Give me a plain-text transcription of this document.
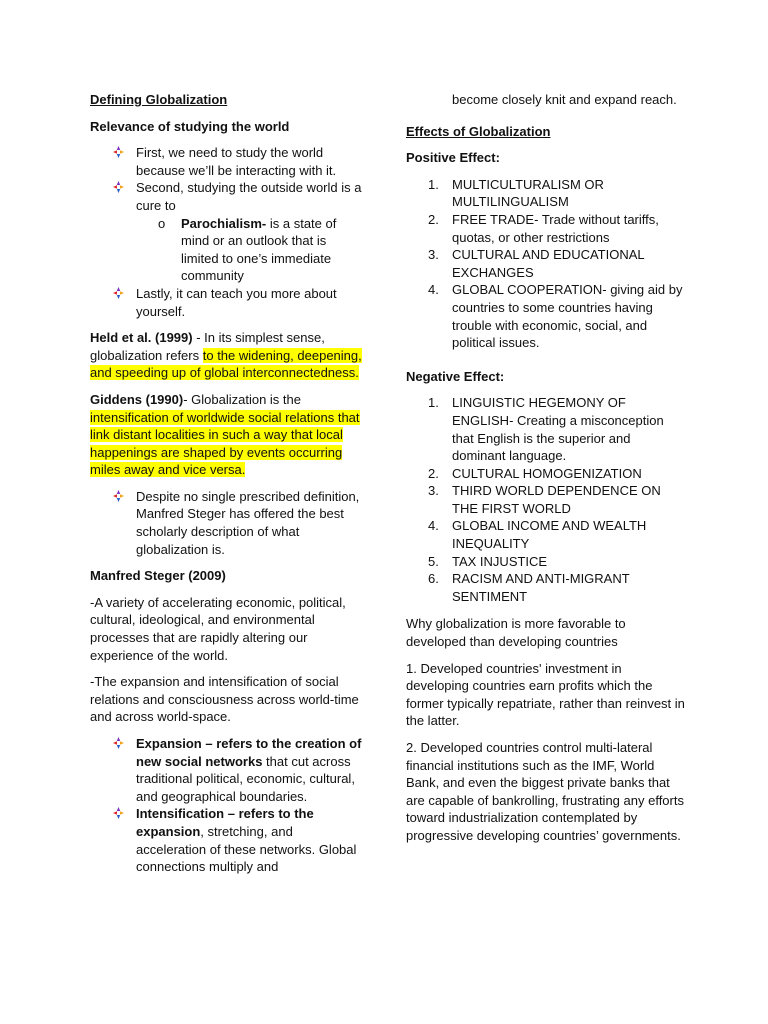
Defining Globalization

Relevance of studying the world

First, we need to study the world because we’ll be interacting with it.
Second, studying the outside world is a cure to
o Parochialism- is a state of mind or an outlook that is limited to one’s immediate community
Lastly, it can teach you more about yourself.

Held et al. (1999) - In its simplest sense, globalization refers to the widening, deepening, and speeding up of global interconnectedness.

Giddens (1990)- Globalization is the intensification of worldwide social relations that link distant localities in such a way that local happenings are shaped by events occurring miles away and vice versa.

Despite no single prescribed definition, Manfred Steger has offered the best scholarly description of what globalization is.

Manfred Steger (2009)

-A variety of accelerating economic, political, cultural, ideological, and environmental processes that are rapidly altering our experience of the world.

-The expansion and intensification of social relations and consciousness across world-time and across world-space.

Expansion – refers to the creation of new social networks that cut across traditional political, economic, cultural, and geographical boundaries.
Intensification – refers to the expansion, stretching, and acceleration of these networks. Global connections multiply and
become closely knit and expand reach.

Effects of Globalization

Positive Effect:

1. MULTICULTURALISM OR MULTILINGUALISM
2. FREE TRADE- Trade without tariffs, quotas, or other restrictions
3. CULTURAL AND EDUCATIONAL EXCHANGES
4. GLOBAL COOPERATION- giving aid by countries to some countries having trouble with economic, social, and political issues.

Negative Effect:

1. LINGUISTIC HEGEMONY OF ENGLISH- Creating a misconception that English is the superior and dominant language.
2. CULTURAL HOMOGENIZATION
3. THIRD WORLD DEPENDENCE ON THE FIRST WORLD
4. GLOBAL INCOME AND WEALTH INEQUALITY
5. TAX INJUSTICE
6. RACISM AND ANTI-MIGRANT SENTIMENT

Why globalization is more favorable to developed than developing countries

1. Developed countries' investment in developing countries earn profits which the former typically repatriate, rather than reinvest in the latter.

2. Developed countries control multi-lateral financial institutions such as the IMF, World Bank, and even the biggest private banks that are capable of bankrolling, frustrating any efforts toward industrialization contemplated by progressive developing countries’ governments.
